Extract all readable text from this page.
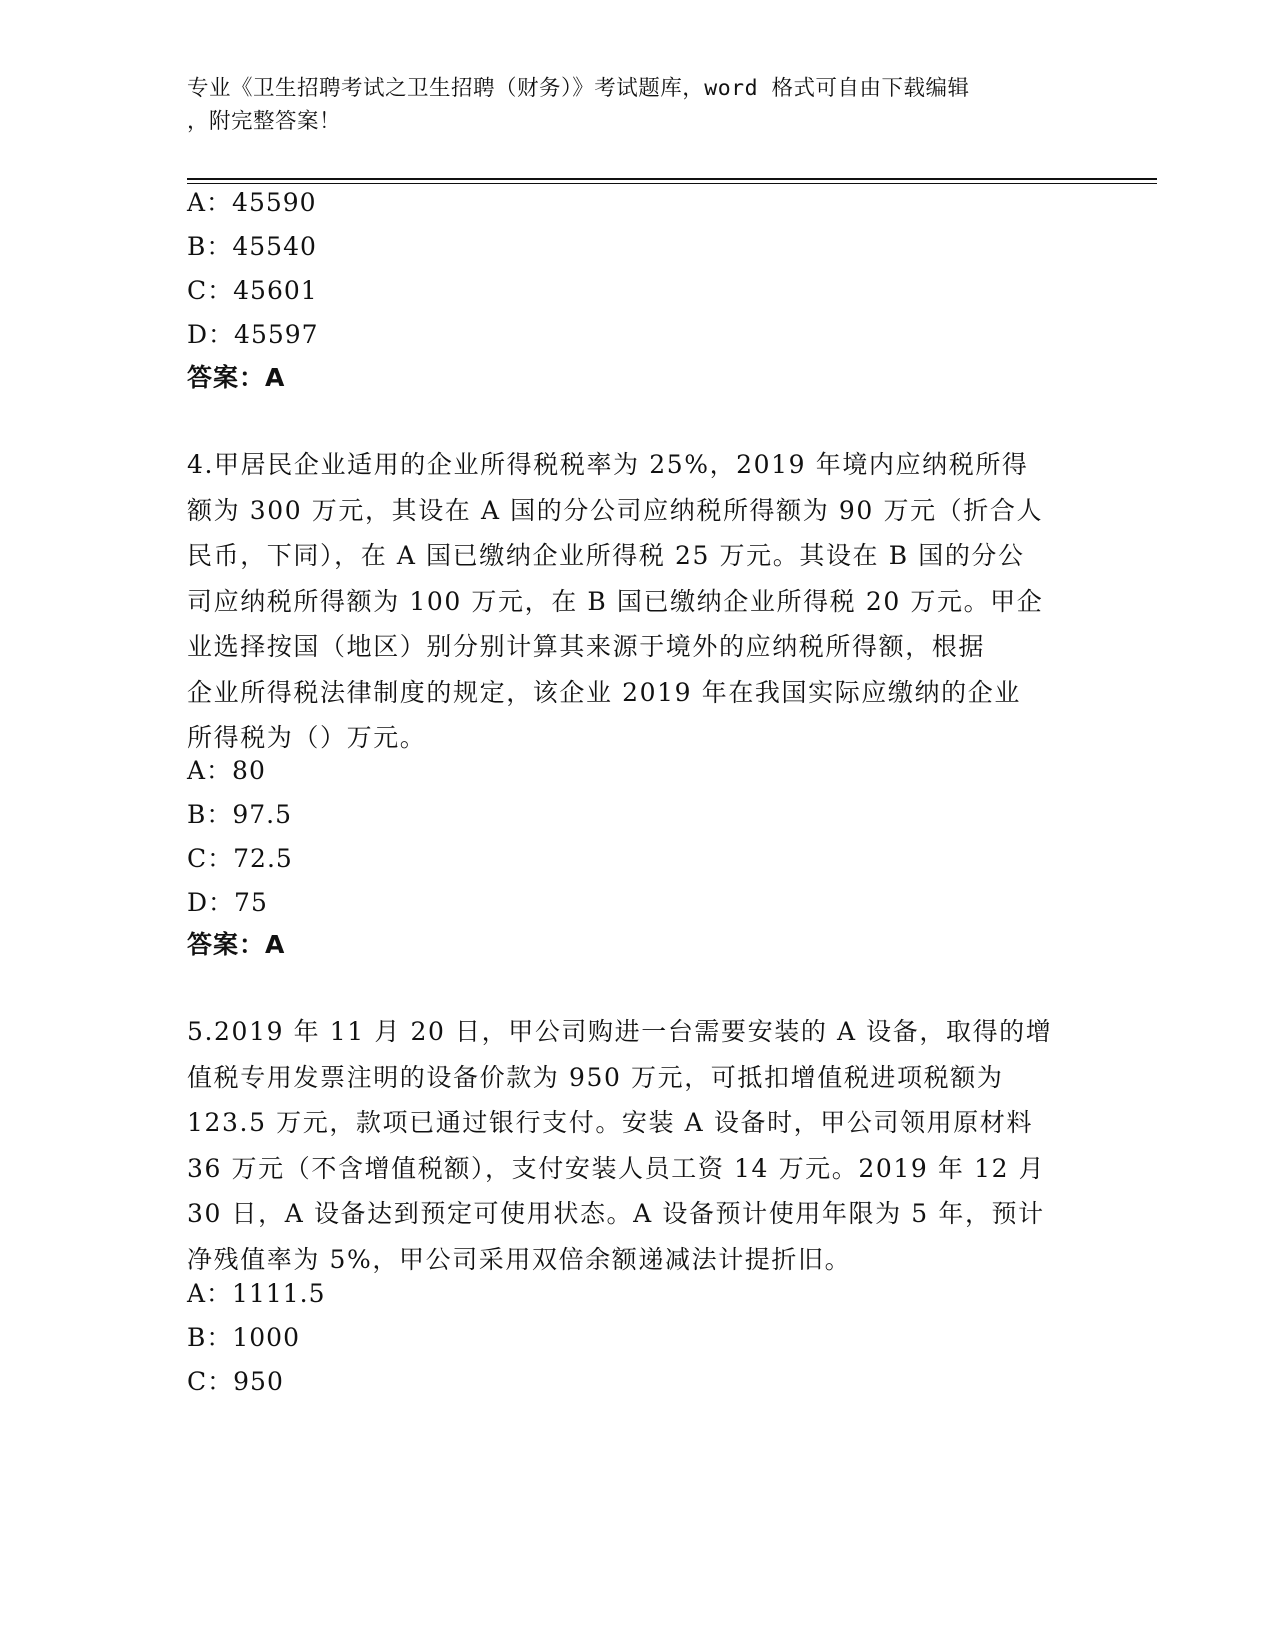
专业《卫生招聘考试之卫生招聘（财务）》考试题库，word 格式可自由下载编辑
，附完整答案！
A：45590
B：45540
C：45601
D：45597
答案：A
4.甲居民企业适用的企业所得税税率为 25%，2019 年境内应纳税所得
额为 300 万元，其设在 A 国的分公司应纳税所得额为 90 万元（折合人
民币，下同），在 A 国已缴纳企业所得税 25 万元。其设在 B 国的分公
司应纳税所得额为 100 万元，在 B 国已缴纳企业所得税 20 万元。甲企
业选择按国（地区）别分别计算其来源于境外的应纳税所得额，根据
企业所得税法律制度的规定，该企业 2019 年在我国实际应缴纳的企业
所得税为（）万元。
A：80
B：97.5
C：72.5
D：75
答案：A
5.2019 年 11 月 20 日，甲公司购进一台需要安装的 A 设备，取得的增
值税专用发票注明的设备价款为 950 万元，可抵扣增值税进项税额为
123.5 万元，款项已通过银行支付。安装 A 设备时，甲公司领用原材料
36 万元（不含增值税额），支付安装人员工资 14 万元。2019 年 12 月
30 日，A 设备达到预定可使用状态。A 设备预计使用年限为 5 年，预计
净残值率为 5%，甲公司采用双倍余额递减法计提折旧。
A：1111.5
B：1000
C：950
